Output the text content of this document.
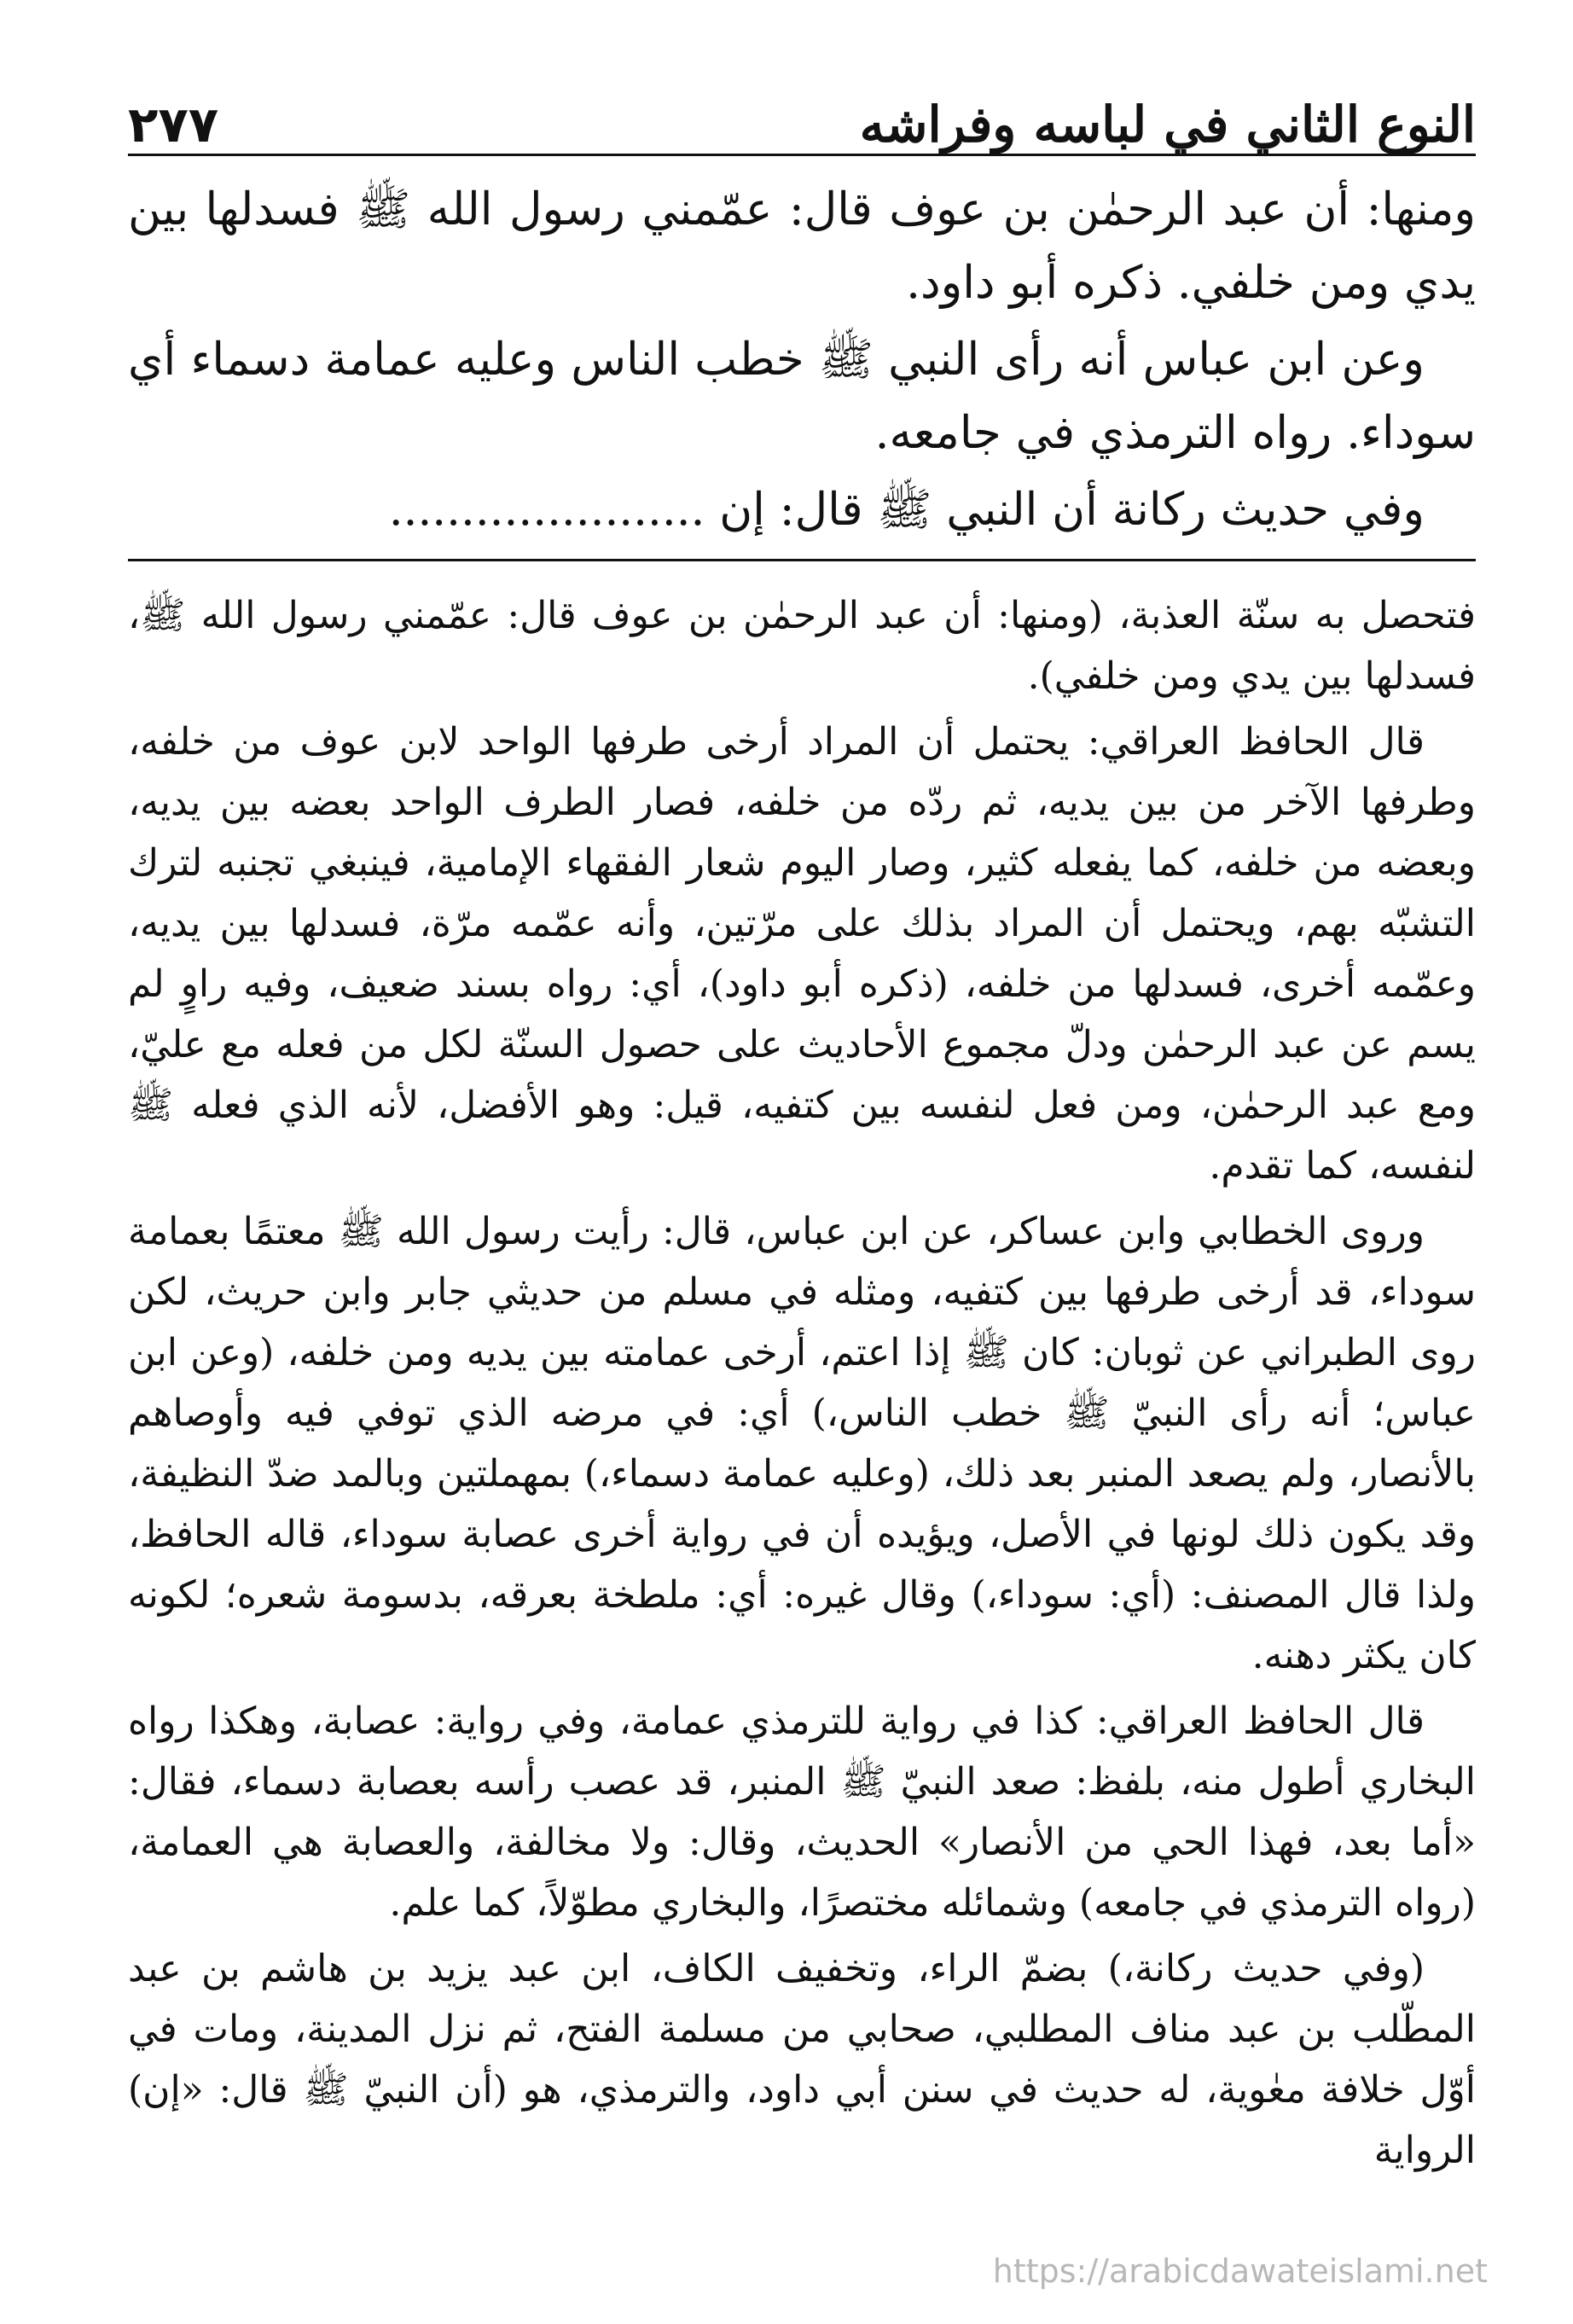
النوع الثاني في لباسه وفراشه
٢٧٧

ومنها: أن عبد الرحمٰن بن عوف قال: عمّمني رسول الله ﷺ فسدلها بين يدي ومن خلفي. ذكره أبو داود.

وعن ابن عباس أنه رأى النبي ﷺ خطب الناس وعليه عمامة دسماء أي سوداء. رواه الترمذي في جامعه.

وفي حديث ركانة أن النبي ﷺ قال: إن ......................

فتحصل به سنّة العذبة، (ومنها: أن عبد الرحمٰن بن عوف قال: عمّمني رسول الله ﷺ، فسدلها بين يدي ومن خلفي).

قال الحافظ العراقي: يحتمل أن المراد أرخى طرفها الواحد لابن عوف من خلفه، وطرفها الآخر من بين يديه، ثم ردّه من خلفه، فصار الطرف الواحد بعضه بين يديه، وبعضه من خلفه، كما يفعله كثير، وصار اليوم شعار الفقهاء الإمامية، فينبغي تجنبه لترك التشبّه بهم، ويحتمل أن المراد بذلك على مرّتين، وأنه عمّمه مرّة، فسدلها بين يديه، وعمّمه أخرى، فسدلها من خلفه، (ذكره أبو داود)، أي: رواه بسند ضعيف، وفيه راوٍ لم يسم عن عبد الرحمٰن ودلّ مجموع الأحاديث على حصول السنّة لكل من فعله مع عليّ، ومع عبد الرحمٰن، ومن فعل لنفسه بين كتفيه، قيل: وهو الأفضل، لأنه الذي فعله ﷺ لنفسه، كما تقدم.

وروى الخطابي وابن عساكر، عن ابن عباس، قال: رأيت رسول الله ﷺ معتمًا بعمامة سوداء، قد أرخى طرفها بين كتفيه، ومثله في مسلم من حديثي جابر وابن حريث، لكن روى الطبراني عن ثوبان: كان ﷺ إذا اعتم، أرخى عمامته بين يديه ومن خلفه، (وعن ابن عباس؛ أنه رأى النبيّ ﷺ خطب الناس،) أي: في مرضه الذي توفي فيه وأوصاهم بالأنصار، ولم يصعد المنبر بعد ذلك، (وعليه عمامة دسماء،) بمهملتين وبالمد ضدّ النظيفة، وقد يكون ذلك لونها في الأصل، ويؤيده أن في رواية أخرى عصابة سوداء، قاله الحافظ، ولذا قال المصنف: (أي: سوداء،) وقال غيره: أي: ملطخة بعرقه، بدسومة شعره؛ لكونه كان يكثر دهنه.

قال الحافظ العراقي: كذا في رواية للترمذي عمامة، وفي رواية: عصابة، وهكذا رواه البخاري أطول منه، بلفظ: صعد النبيّ ﷺ المنبر، قد عصب رأسه بعصابة دسماء، فقال: «أما بعد، فهذا الحي من الأنصار» الحديث، وقال: ولا مخالفة، والعصابة هي العمامة، (رواه الترمذي في جامعه) وشمائله مختصرًا، والبخاري مطوّلاً، كما علم.

(وفي حديث ركانة،) بضمّ الراء، وتخفيف الكاف، ابن عبد يزيد بن هاشم بن عبد المطّلب بن عبد مناف المطلبي، صحابي من مسلمة الفتح، ثم نزل المدينة، ومات في أوّل خلافة معٰوية، له حديث في سنن أبي داود، والترمذي، هو (أن النبيّ ﷺ قال: «إن) الرواية

https://arabicdawateislami.net
